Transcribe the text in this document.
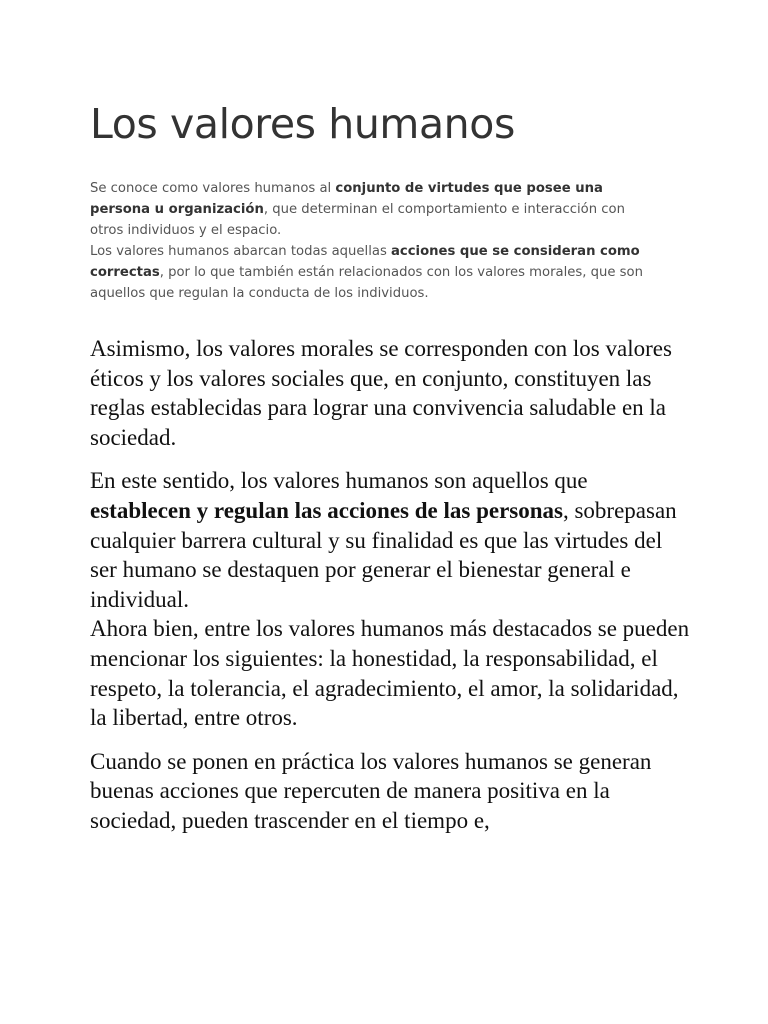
Los valores humanos

Se conoce como valores humanos al conjunto de virtudes que posee una persona u organización, que determinan el comportamiento e interacción con otros individuos y el espacio.

Los valores humanos abarcan todas aquellas acciones que se consideran como correctas, por lo que también están relacionados con los valores morales, que son aquellos que regulan la conducta de los individuos.

Asimismo, los valores morales se corresponden con los valores éticos y los valores sociales que, en conjunto, constituyen las reglas establecidas para lograr una convivencia saludable en la sociedad.

En este sentido, los valores humanos son aquellos que establecen y regulan las acciones de las personas, sobrepasan cualquier barrera cultural y su finalidad es que las virtudes del ser humano se destaquen por generar el bienestar general e individual.

Ahora bien, entre los valores humanos más destacados se pueden mencionar los siguientes: la honestidad, la responsabilidad, el respeto, la tolerancia, el agradecimiento, el amor, la solidaridad, la libertad, entre otros.

Cuando se ponen en práctica los valores humanos se generan buenas acciones que repercuten de manera positiva en la sociedad, pueden trascender en el tiempo e,
